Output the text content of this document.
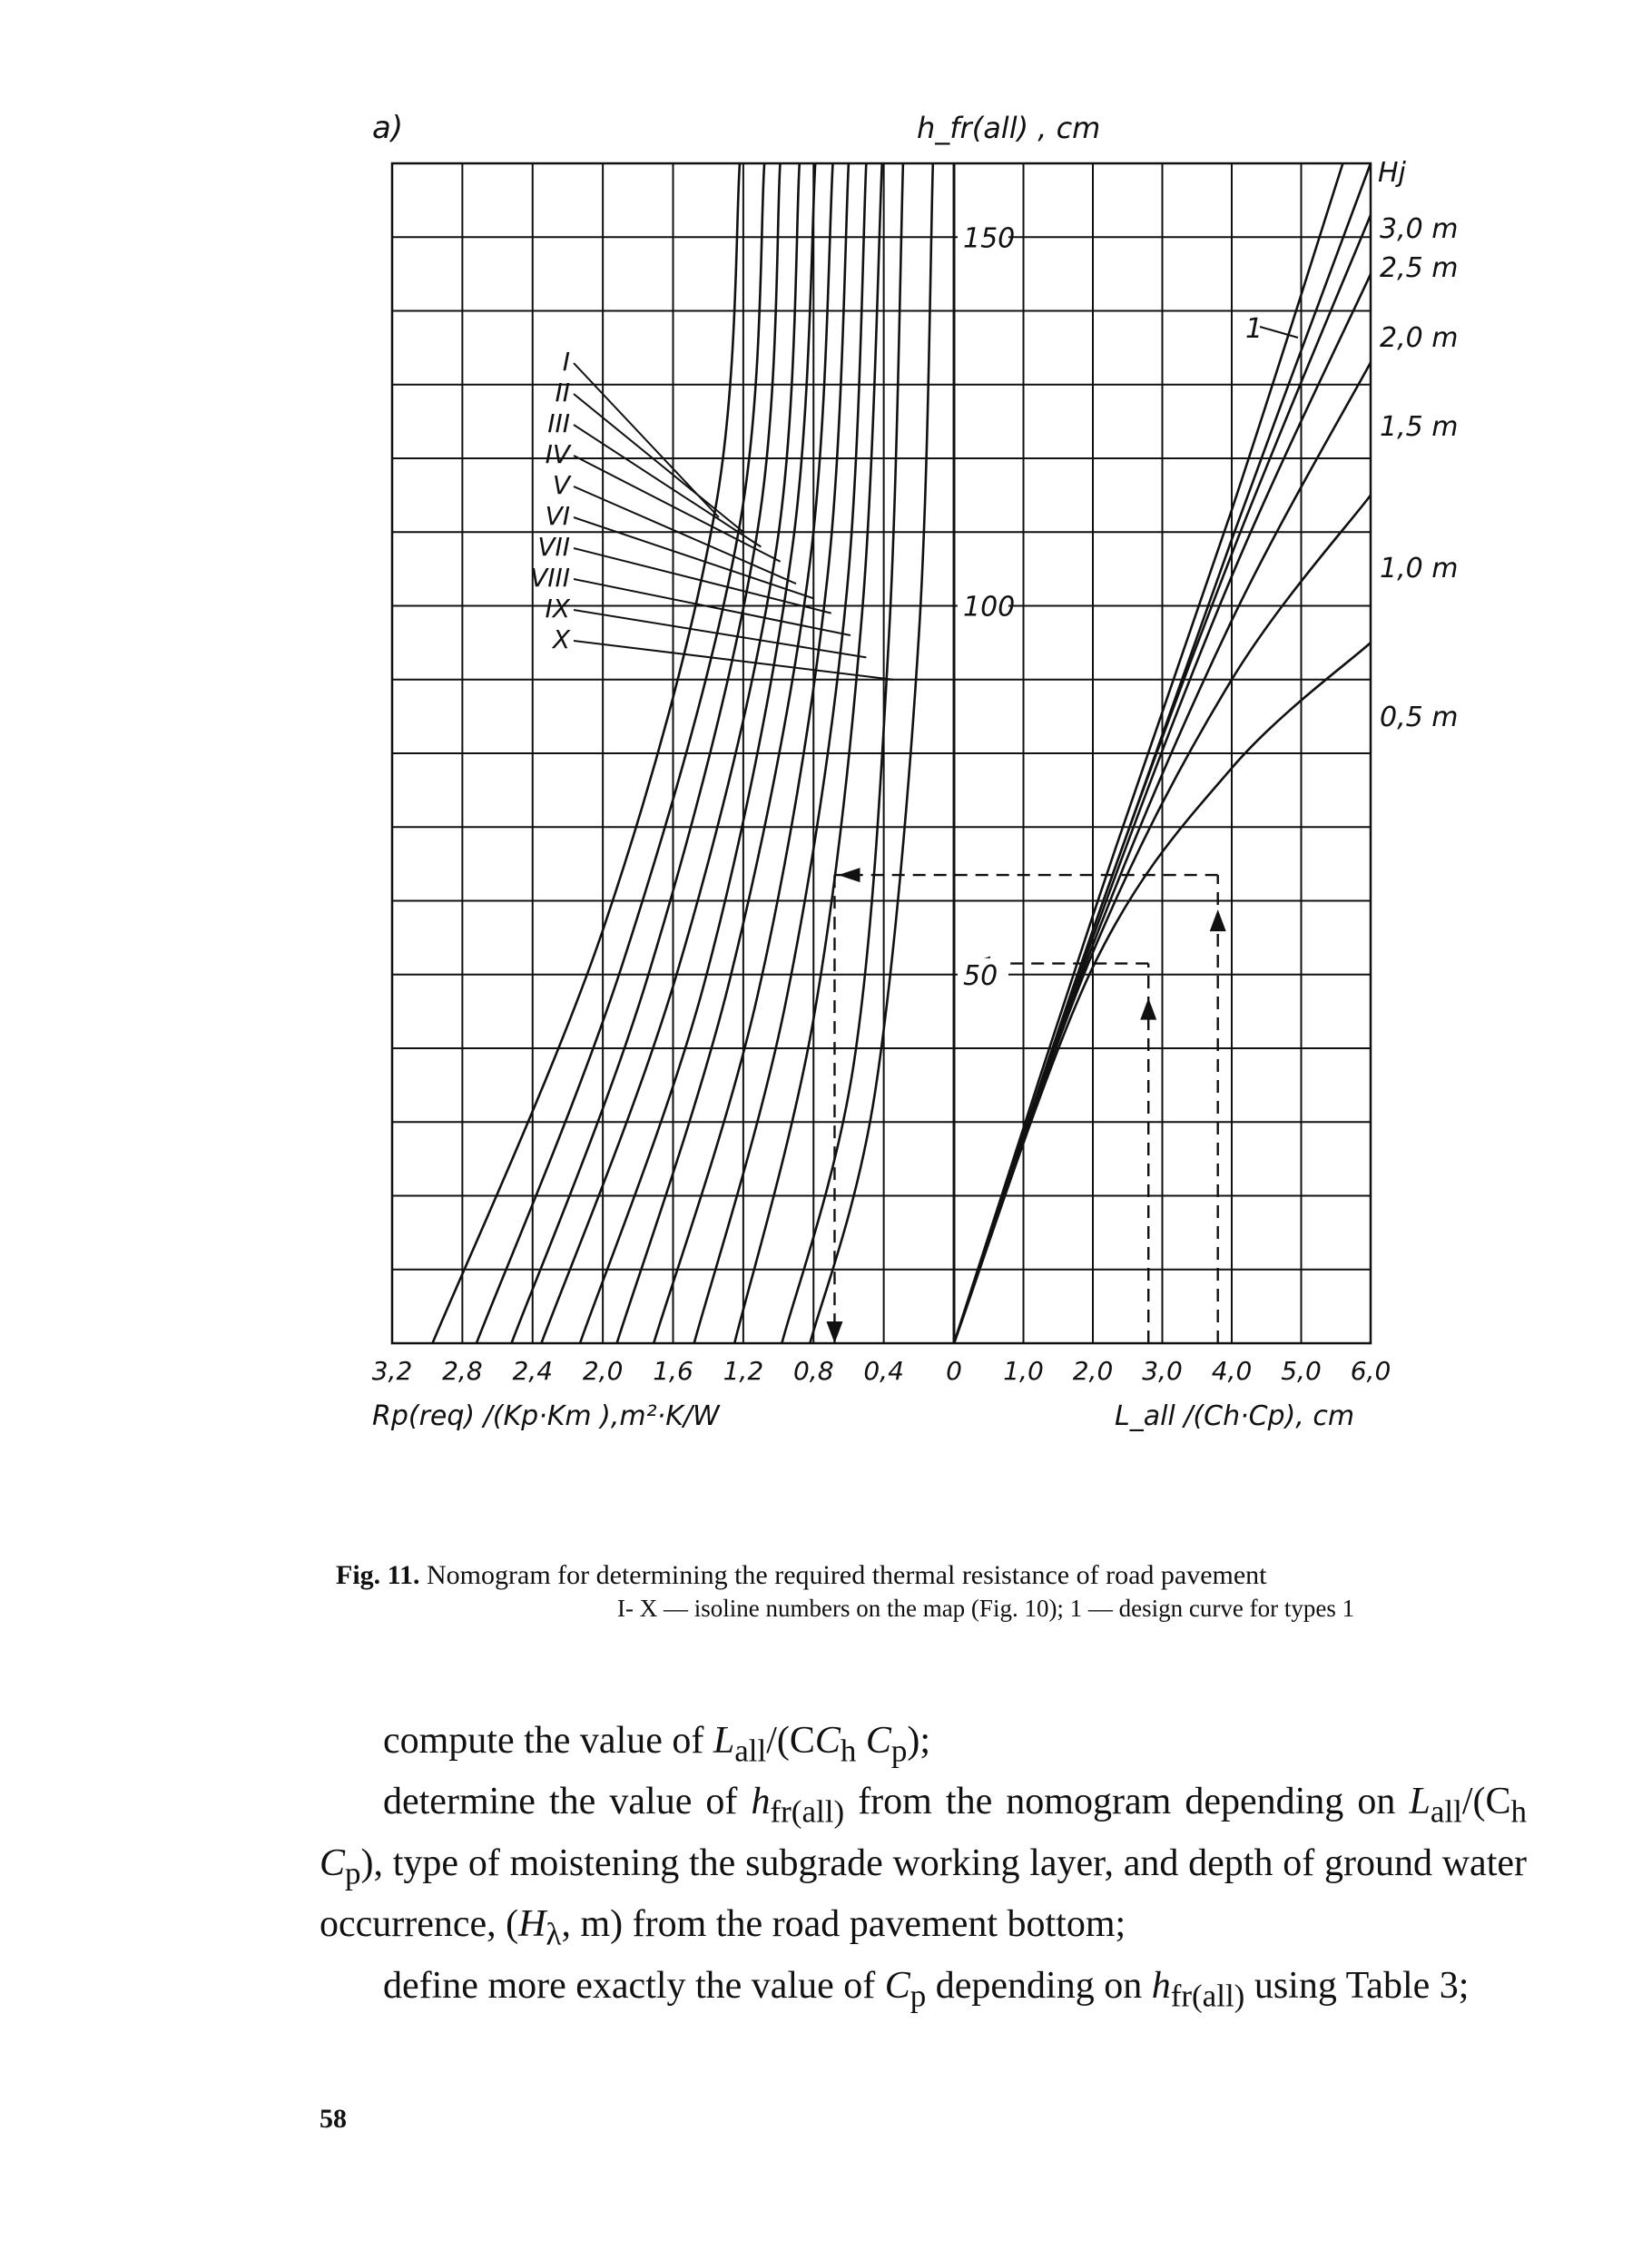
I
II
III
IV
V
VI
VII
VIII
IX
X
3,0 m
2,5 m
2,0 m
1,5 m
1,0 m
0,5 m
1
50
100
150
3,2 2,8 2,4 2,0 1,6 1,2 0,8 0,4 0 1,0 2,0 3,0 4,0 5,0 6,0
a)	h_fr(all) , cm
Hj
Rp(req) /(Kp·Km ),m²·K/W	L_all /(Ch·Cp), cm
Fig. 11. Nomogram for determining the required thermal resistance of road pavement
I- X — isoline numbers on the map (Fig. 10); 1 — design curve for types 1

compute the value of $L_{all}/(CC_h$ $C_p$);

determine the value of $h_{fr(all)}$ from the nomogram depending on $L_{all}/(C_h$ $C_p$), type of moistening the subgrade working layer, and depth of ground water occurrence, ($H_\lambda$, m) from the road pavement bottom;

define more exactly the value of $C_p$ depending on $h_{fr(all)}$ using Table 3;

58
